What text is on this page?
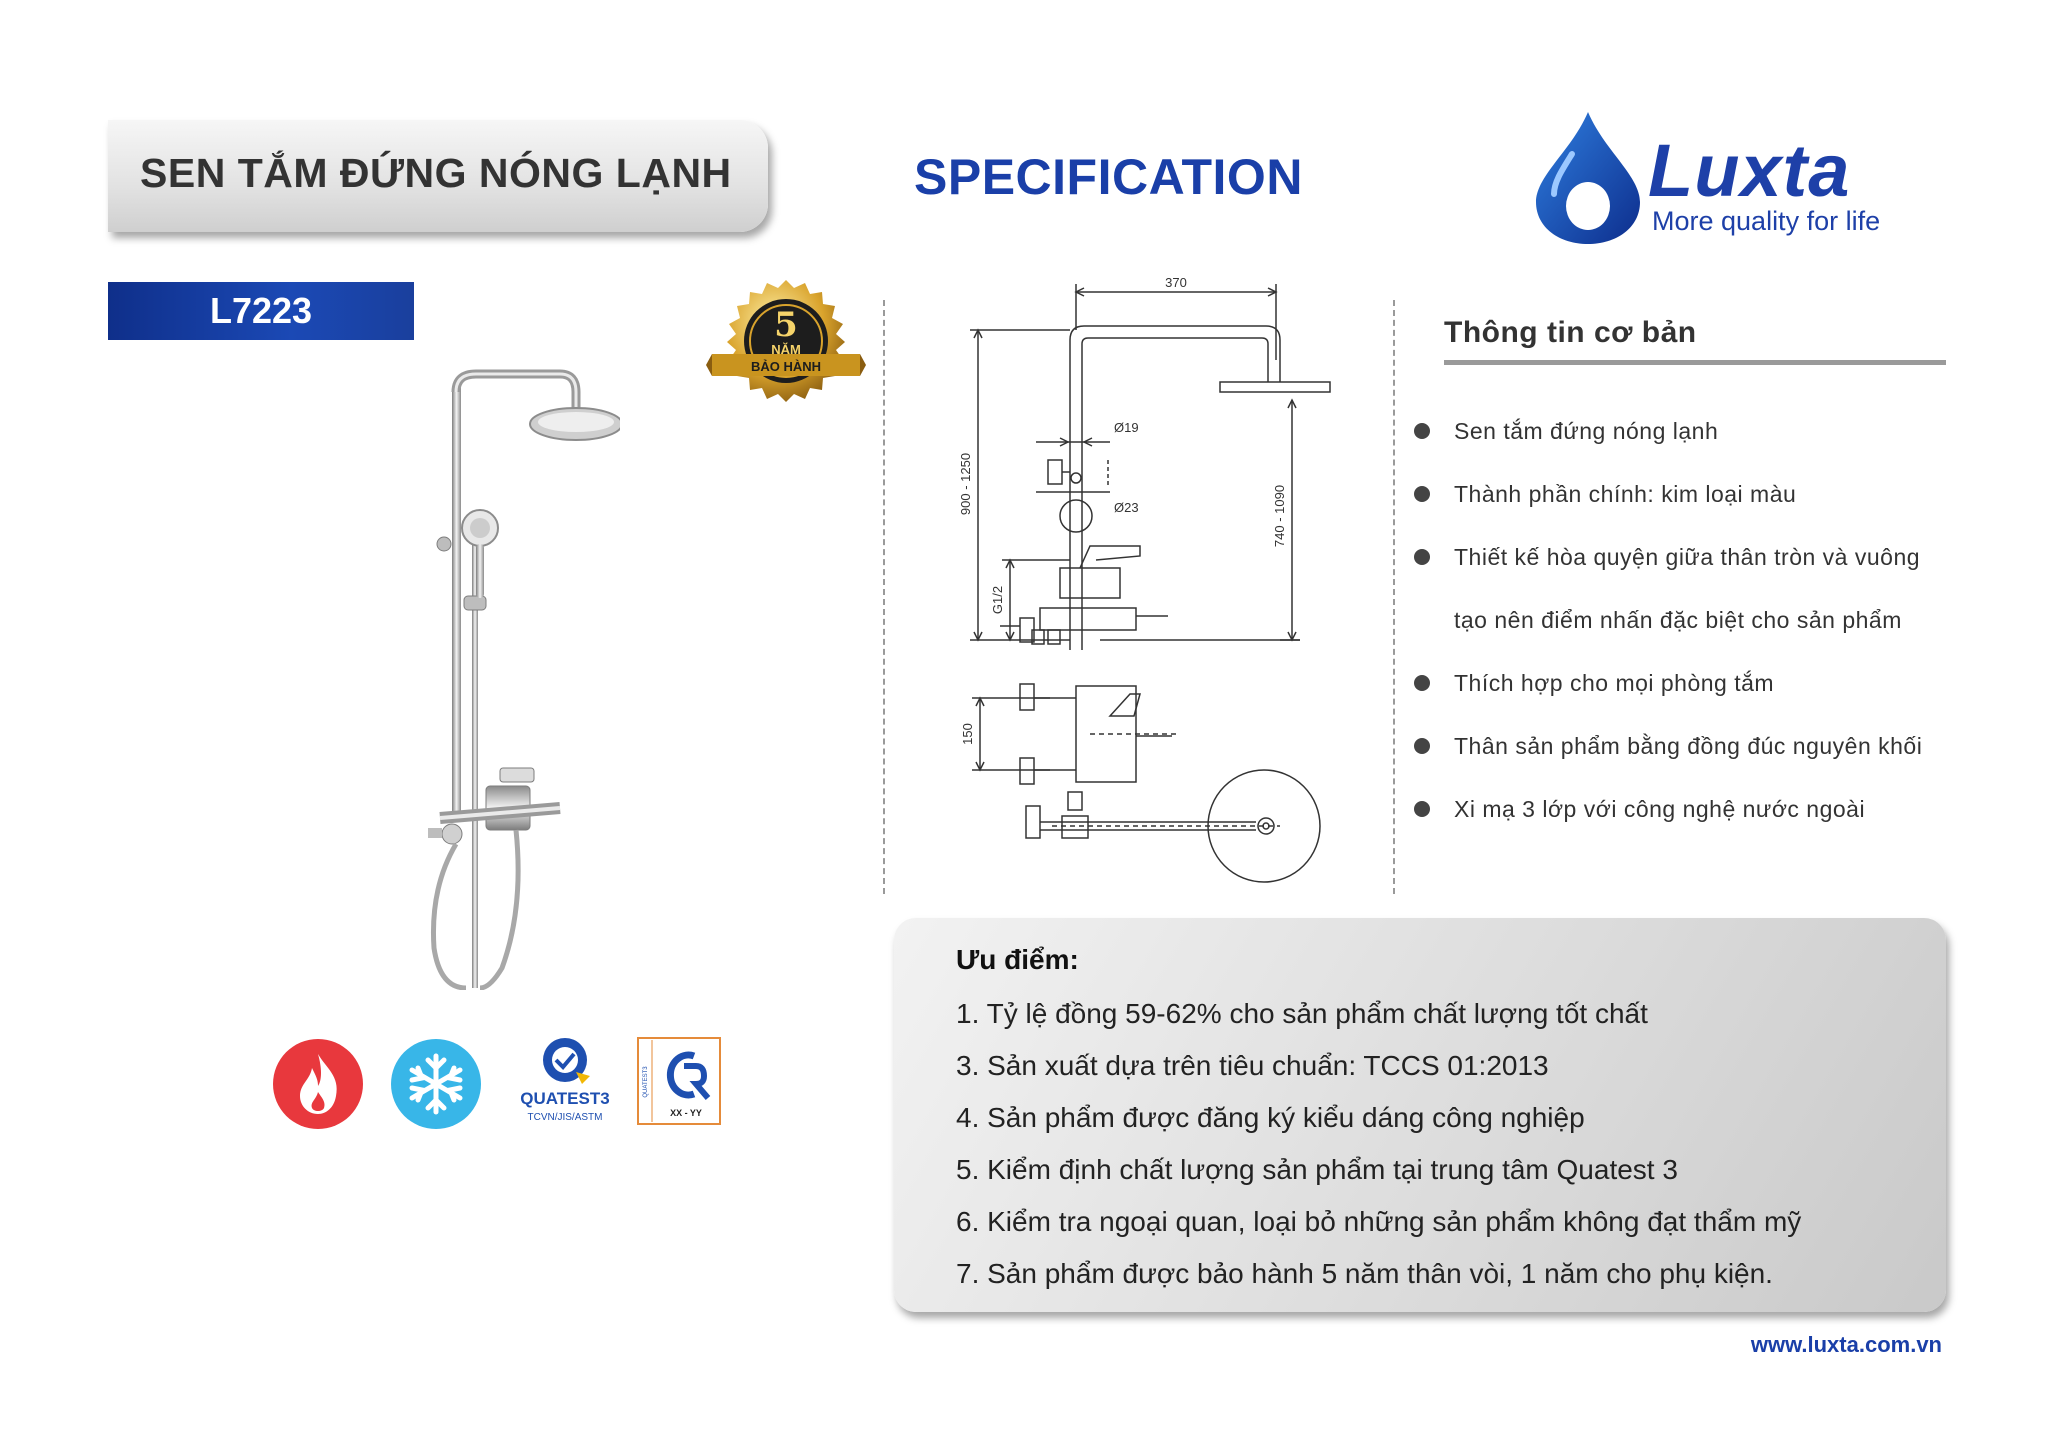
SEN TẮM ĐỨNG NÓNG LẠNH
L7223
SPECIFICATION	Luxta
More quality for life
5
NĂM
BẢO HÀNH
QUATEST3
TCVN/JIS/ASTM
QUATEST3
XX - YY
370
Ø19
Ø23
900 - 1250
740 - 1090
G1/2
150
Thông tin cơ bản
Sen tắm đứng nóng lạnh
Thành phần chính: kim loại màu
Thiết kế hòa quyện giữa thân tròn và vuông
tạo nên điểm nhấn đặc biệt cho sản phẩm
Thích hợp cho mọi phòng tắm
Thân sản phẩm bằng đồng đúc nguyên khối
Xi mạ 3 lớp với công nghệ nước ngoài
Ưu điểm:
1. Tỷ lệ đồng 59-62% cho sản phẩm chất lượng tốt chất
3. Sản xuất dựa trên tiêu chuẩn: TCCS 01:2013
4. Sản phẩm được đăng ký kiểu dáng công nghiệp
5. Kiểm định chất lượng sản phẩm tại trung tâm Quatest 3
6. Kiểm tra ngoại quan, loại bỏ những sản phẩm không đạt thẩm mỹ
7. Sản phẩm được bảo hành 5 năm thân vòi, 1 năm cho phụ kiện.
www.luxta.com.vn
